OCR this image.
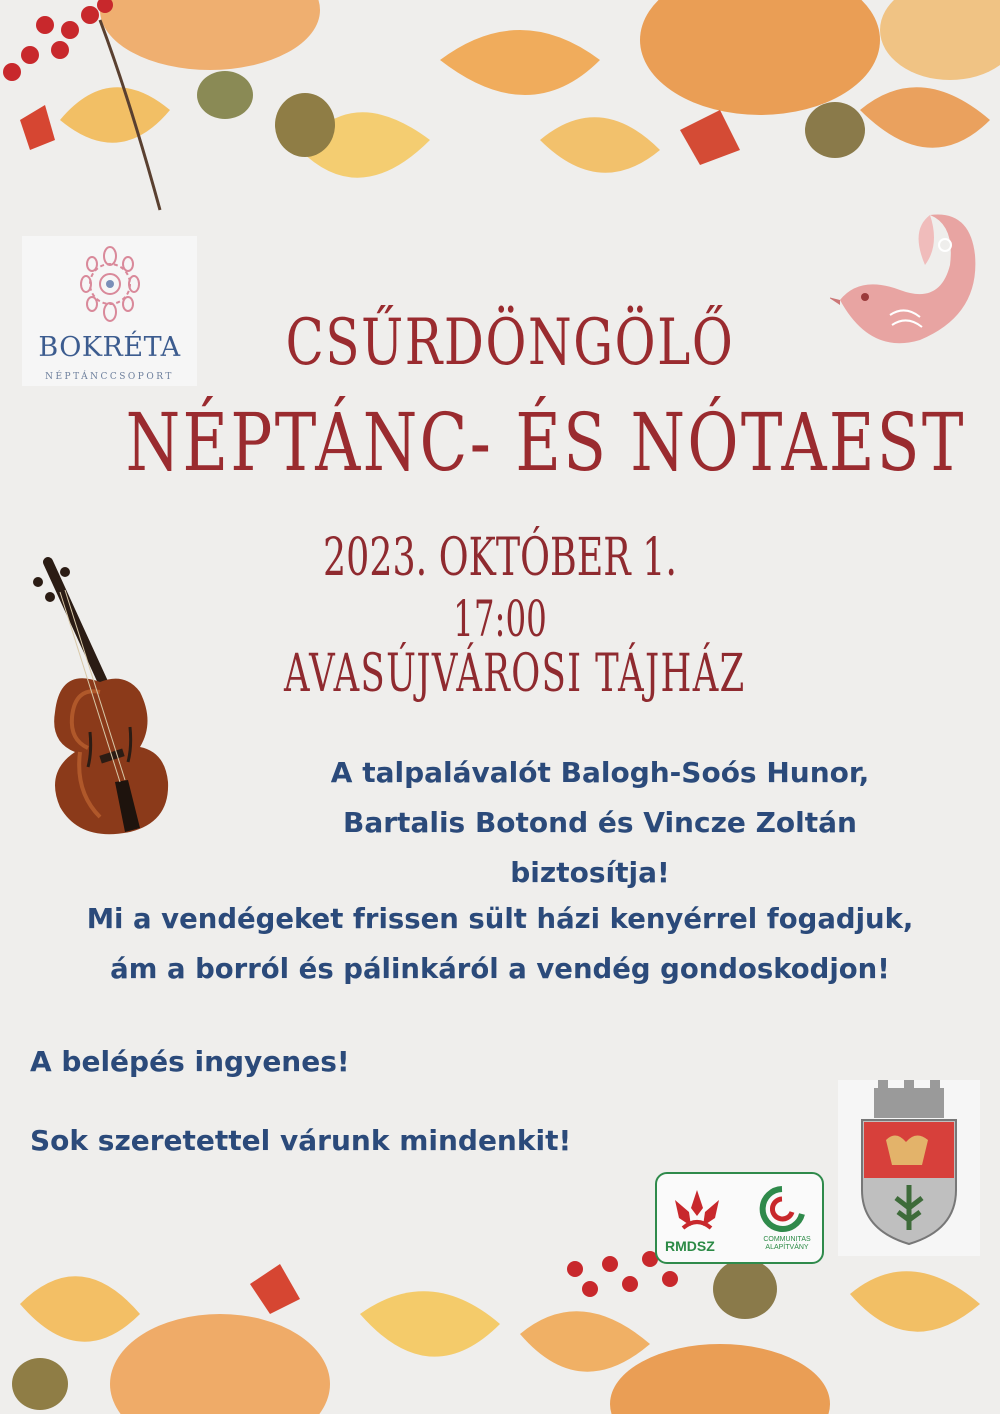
BOKRÉTA
NÉPTÁNCCSOPORT	CSŰRDÖNGÖLŐ
NÉPTÁNC- ÉS NÓTAEST
2023. OKTÓBER 1.
17:00
AVASÚJVÁROSI TÁJHÁZ
A talpalávalót Balogh-Soós Hunor,
Bartalis Botond és Vincze Zoltán
biztosítja!
Mi a vendégeket frissen sült házi kenyérrel fogadjuk,
ám a borról és pálinkáról a vendég gondoskodjon!
A belépés ingyenes!
Sok szeretettel várunk mindenkit!
RMDSZ	COMMUNITAS ALAPÍTVÁNY
